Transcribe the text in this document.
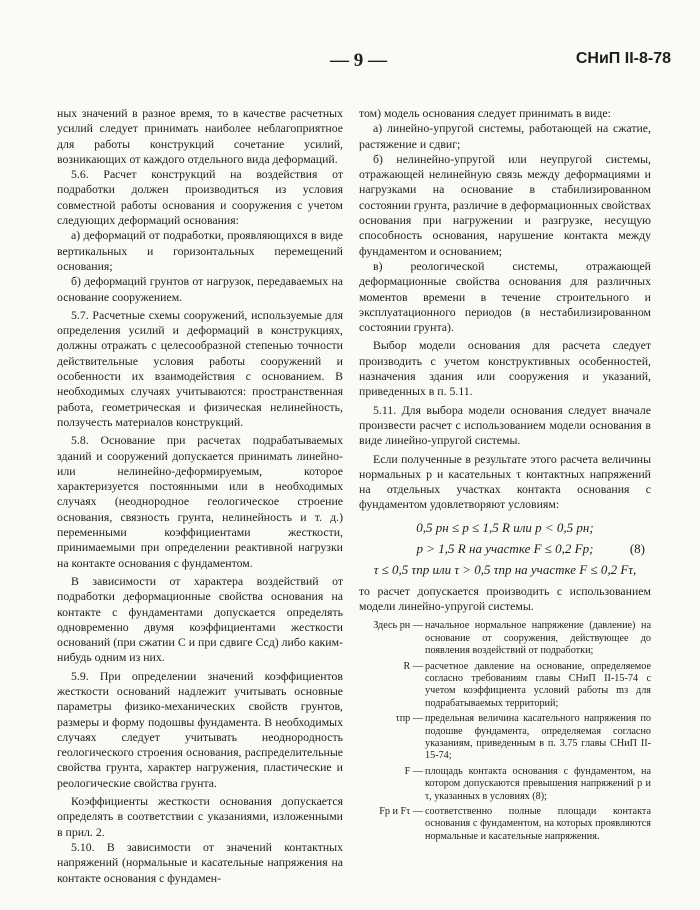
— 9 —	СНиП II-8-78

ных значений в разное время, то в качестве расчетных усилий следует принимать наиболее неблагоприятное для работы конструкций сочетание усилий, возникающих от каждого отдельного вида деформаций.

5.6. Расчет конструкций на воздействия от подработки должен производиться из условия совместной работы основания и сооружения с учетом следующих деформаций основания:

а) деформаций от подработки, проявляющихся в виде вертикальных и горизонтальных перемещений основания;

б) деформаций грунтов от нагрузок, передаваемых на основание сооружением.

5.7. Расчетные схемы сооружений, используемые для определения усилий и деформаций в конструкциях, должны отражать с целесообразной степенью точности действительные условия работы сооружений и особенности их взаимодействия с основанием. В необходимых случаях учитываются: пространственная работа, геометрическая и физическая нелинейность, ползучесть материалов конструкций.

5.8. Основание при расчетах подрабатываемых зданий и сооружений допускается принимать линейно- или нелинейно-деформируемым, которое характеризуется постоянными или в необходимых случаях (неоднородное геологическое строение основания, связность грунта, нелинейность и т. д.) переменными коэффициентами жесткости, принимаемыми при определении реактивной нагрузки на контакте основания с фундаментом.

В зависимости от характера воздействий от подработки деформационные свойства основания на контакте с фундаментами допускается определять одновременно двумя коэффициентами жесткости оснований (при сжатии C и при сдвиге Cсд) либо каким-нибудь одним из них.

5.9. При определении значений коэффициентов жесткости оснований надлежит учитывать основные параметры физико-механических свойств грунтов, размеры и форму подошвы фундамента. В необходимых случаях следует учитывать неоднородность геологического строения основания, распределительные свойства грунта, характер нагружения, пластические и реологические свойства грунта.

Коэффициенты жесткости основания допускается определять в соответствии с указаниями, изложенными в прил. 2.

5.10. В зависимости от значений контактных напряжений (нормальные и касательные напряжения на контакте основания с фундамен-

том) модель основания следует принимать в виде:

а) линейно-упругой системы, работающей на сжатие, растяжение и сдвиг;

б) нелинейно-упругой или неупругой системы, отражающей нелинейную связь между деформациями и нагрузками на основание в стабилизированном состоянии грунта, различие в деформационных свойствах основания при нагружении и разгрузке, несущую способность основания, нарушение контакта между фундаментом и основанием;

в) реологической системы, отражающей деформационные свойства основания для различных моментов времени в течение строительного и эксплуатационного периодов (в нестабилизированном состоянии грунта).

Выбор модели основания для расчета следует производить с учетом конструктивных особенностей, назначения здания или сооружения и указаний, приведенных в п. 5.11.

5.11. Для выбора модели основания следует вначале произвести расчет с использованием модели основания в виде линейно-упругой системы.

Если полученные в результате этого расчета величины нормальных p и касательных τ контактных напряжений на отдельных участках контакта основания с фундаментом удовлетворяют условиям:

0,5 pн ≤ p ≤ 1,5 R или p < 0,5 pн;
p > 1,5 R на участке F ≤ 0,2 Fр;	(8)
τ ≤ 0,5 τпр или τ > 0,5 τпр на участке F ≤ 0,2 Fτ,

то расчет допускается производить с использованием модели линейно-упругой системы.

Здесь pн — начальное нормальное напряжение (давление) на основание от сооружения, действующее до появления воздействий от подработки;
R — расчетное давление на основание, определяемое согласно требованиям главы СНиП II-15-74 с учетом коэффициента условий работы mз для подрабатываемых территорий;
τпр — предельная величина касательного напряжения по подошве фундамента, определяемая согласно указаниям, приведенным в п. 3.75 главы СНиП II-15-74;
F — площадь контакта основания с фундаментом, на котором допускаются превышения напряжений p и τ, указанных в условиях (8);
Fр и Fτ — соответственно полные площади контакта основания с фундаментом, на которых проявляются нормальные и касательные напряжения.
